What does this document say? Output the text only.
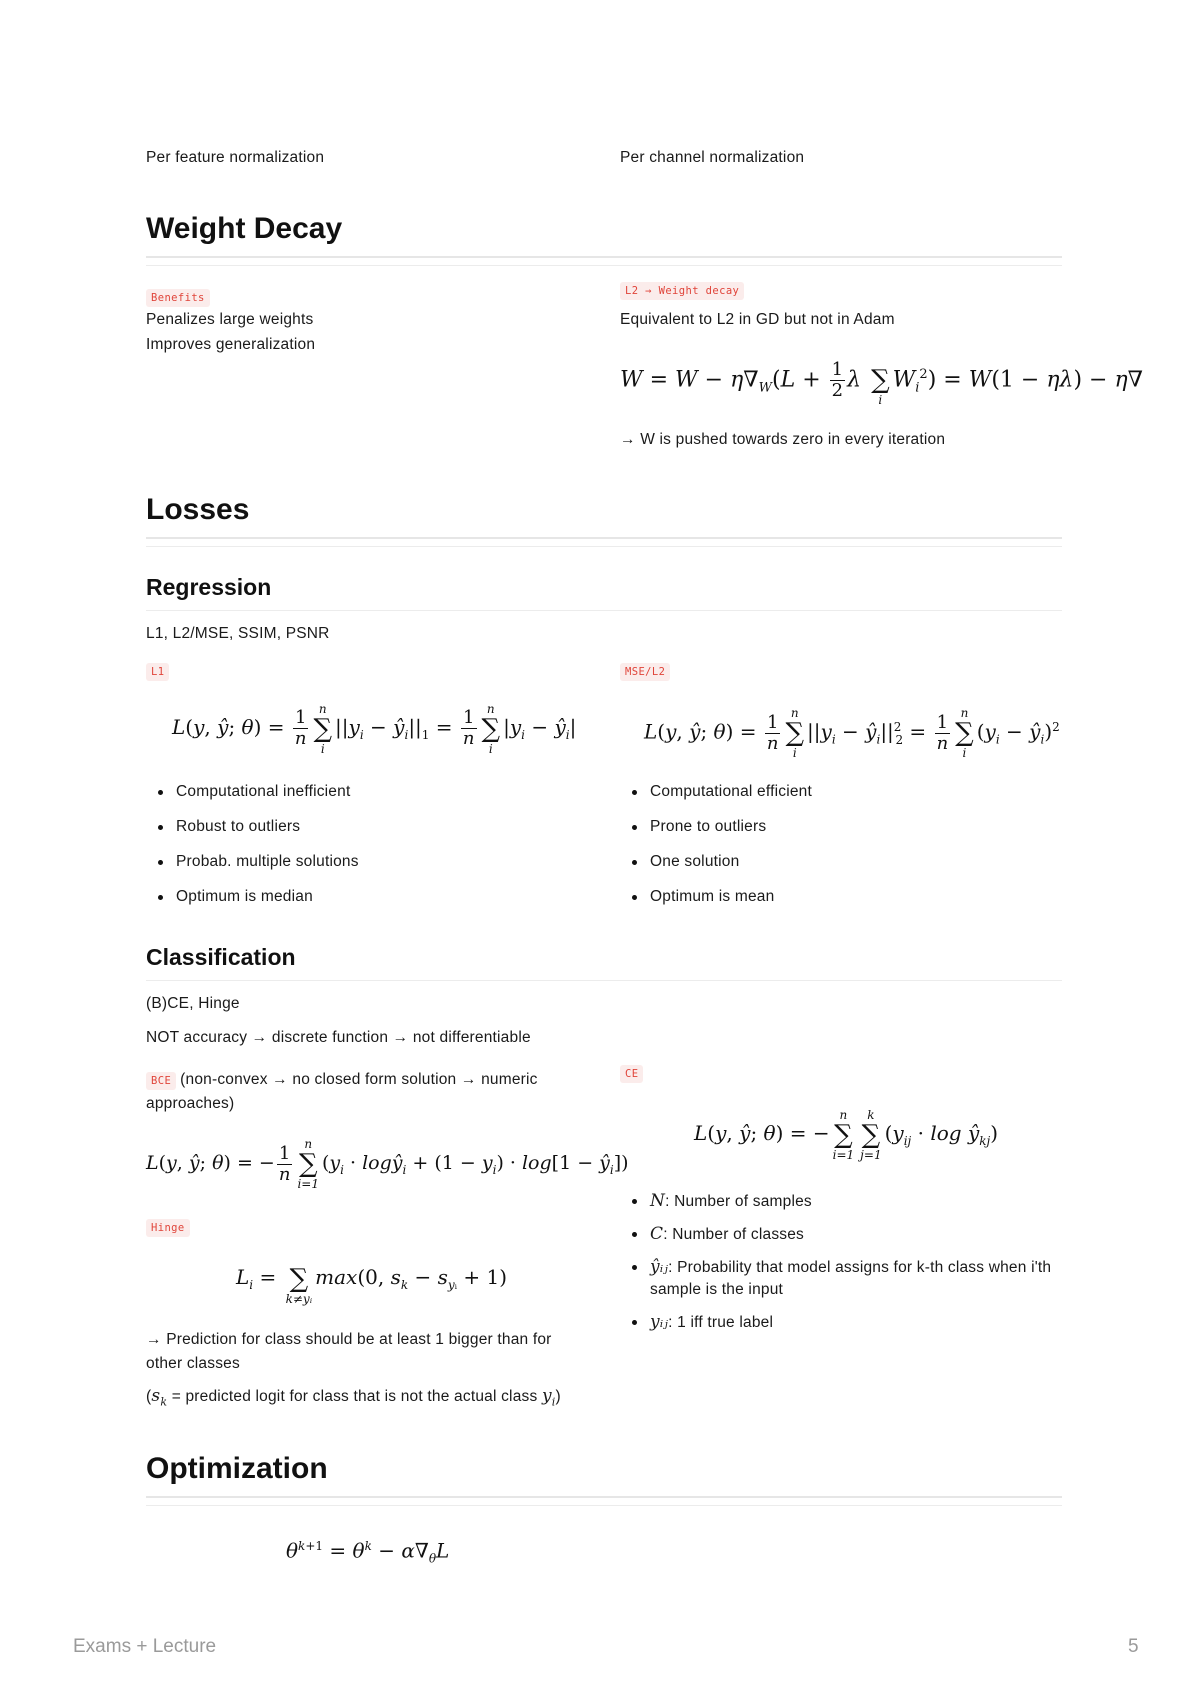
Per feature normalization	Per channel normalization
Weight Decay
Benefits
Penalizes large weights
Improves generalization
L2 → Weight decay
Equivalent to L2 in GD but not in Adam
$W = W - \eta\nabla_W(L + \frac{1}{2}$ λ
∑
i
$W_i^2) = W(1 - \eta\lambda) - \eta\nabla$
→ W is pushed towards zero in every iteration
Losses
Regression
L1, L2/MSE, SSIM, PSNR
L1	MSE/L2
L(y, ŷ; $\theta) = \frac{1}{n}$ n
∑
i
$||y_i$ − $ŷ_i||_1 = \frac{1}{n}$ n
∑
i
$|y_i$ − $ŷ_i|$	L(y, ŷ; $\theta) = \frac{1}{n}$ n
∑
i
$||y_i$ − $ŷ_i||^2_2 = \frac{1}{n}$ n
∑
i
($y_i$ − $ŷ_i)^2$
Computational inefficient
Robust to outliers
Probab. multiple solutions
Optimum is median
Computational efficient
Prone to outliers
One solution
Optimum is mean
Classification
(B)CE, Hinge
NOT accuracy → discrete function → not differentiable
BCE (non-convex → no closed form solution → numeric approaches)
L(y, ŷ; θ) = − $\frac{1}{n}$ n
∑
i=1
($y_i$ · logŷ$_i$ + $(1 - y_i) \cdot \log[1$ − $ŷ_i$])
Hinge
$L_i$ =
∑
k≠yᵢ
max(0, $s_k - s_{yᵢ} + 1$)
→ Prediction for class should be at least 1 bigger than for other classes
($s_k$ = predicted logit for class that is not the actual class $y_i$)
CE
L(y, ŷ; θ) = −
n
∑
i=1
k
∑
j=1
($y_{ij} \cdot \log$ $ŷ_{kj}$)
N: Number of samples
C: Number of classes
ŷᵢⱼ: Probability that model assigns for k-th class when i'th sample is the input
yᵢⱼ: 1 iff true label
Optimization
$\theta^{k+1} = \theta^k - \alpha\nabla_\theta L$
Exams + Lecture	5
